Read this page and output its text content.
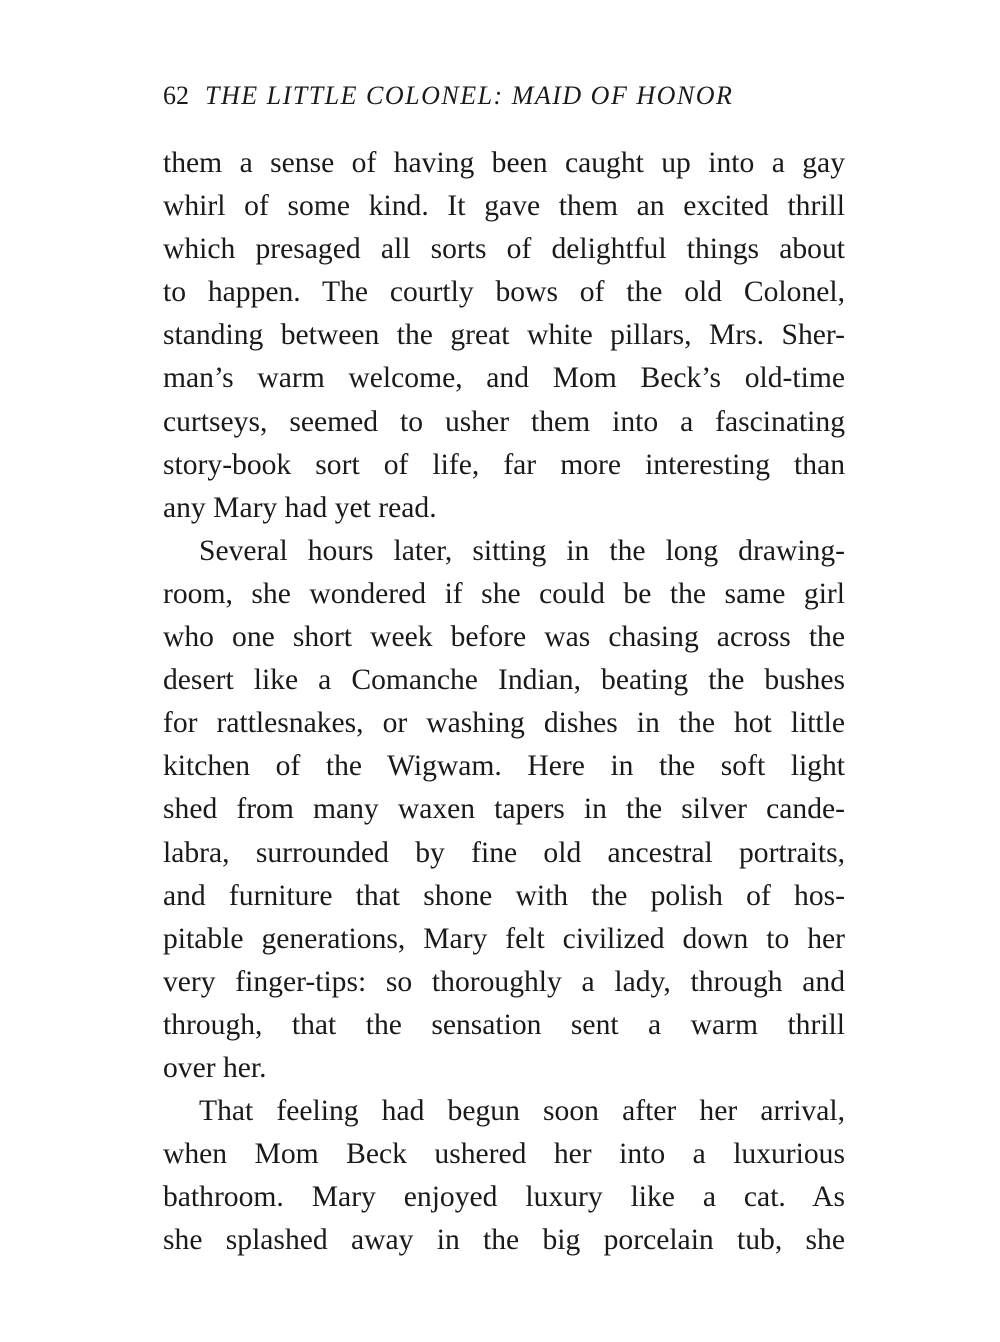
62 THE LITTLE COLONEL: MAID OF HONOR
them a sense of having been caught up into a gay
whirl of some kind. It gave them an excited thrill
which presaged all sorts of delightful things about
to happen. The courtly bows of the old Colonel,
standing between the great white pillars, Mrs. Sher-
man’s warm welcome, and Mom Beck’s old-time
curtseys, seemed to usher them into a fascinating
story-book sort of life, far more interesting than
any Mary had yet read.
Several hours later, sitting in the long drawing-
room, she wondered if she could be the same girl
who one short week before was chasing across the
desert like a Comanche Indian, beating the bushes
for rattlesnakes, or washing dishes in the hot little
kitchen of the Wigwam. Here in the soft light
shed from many waxen tapers in the silver cande-
labra, surrounded by fine old ancestral portraits,
and furniture that shone with the polish of hos-
pitable generations, Mary felt civilized down to her
very finger-tips: so thoroughly a lady, through and
through, that the sensation sent a warm thrill
over her.
That feeling had begun soon after her arrival,
when Mom Beck ushered her into a luxurious
bathroom. Mary enjoyed luxury like a cat. As
she splashed away in the big porcelain tub, she
